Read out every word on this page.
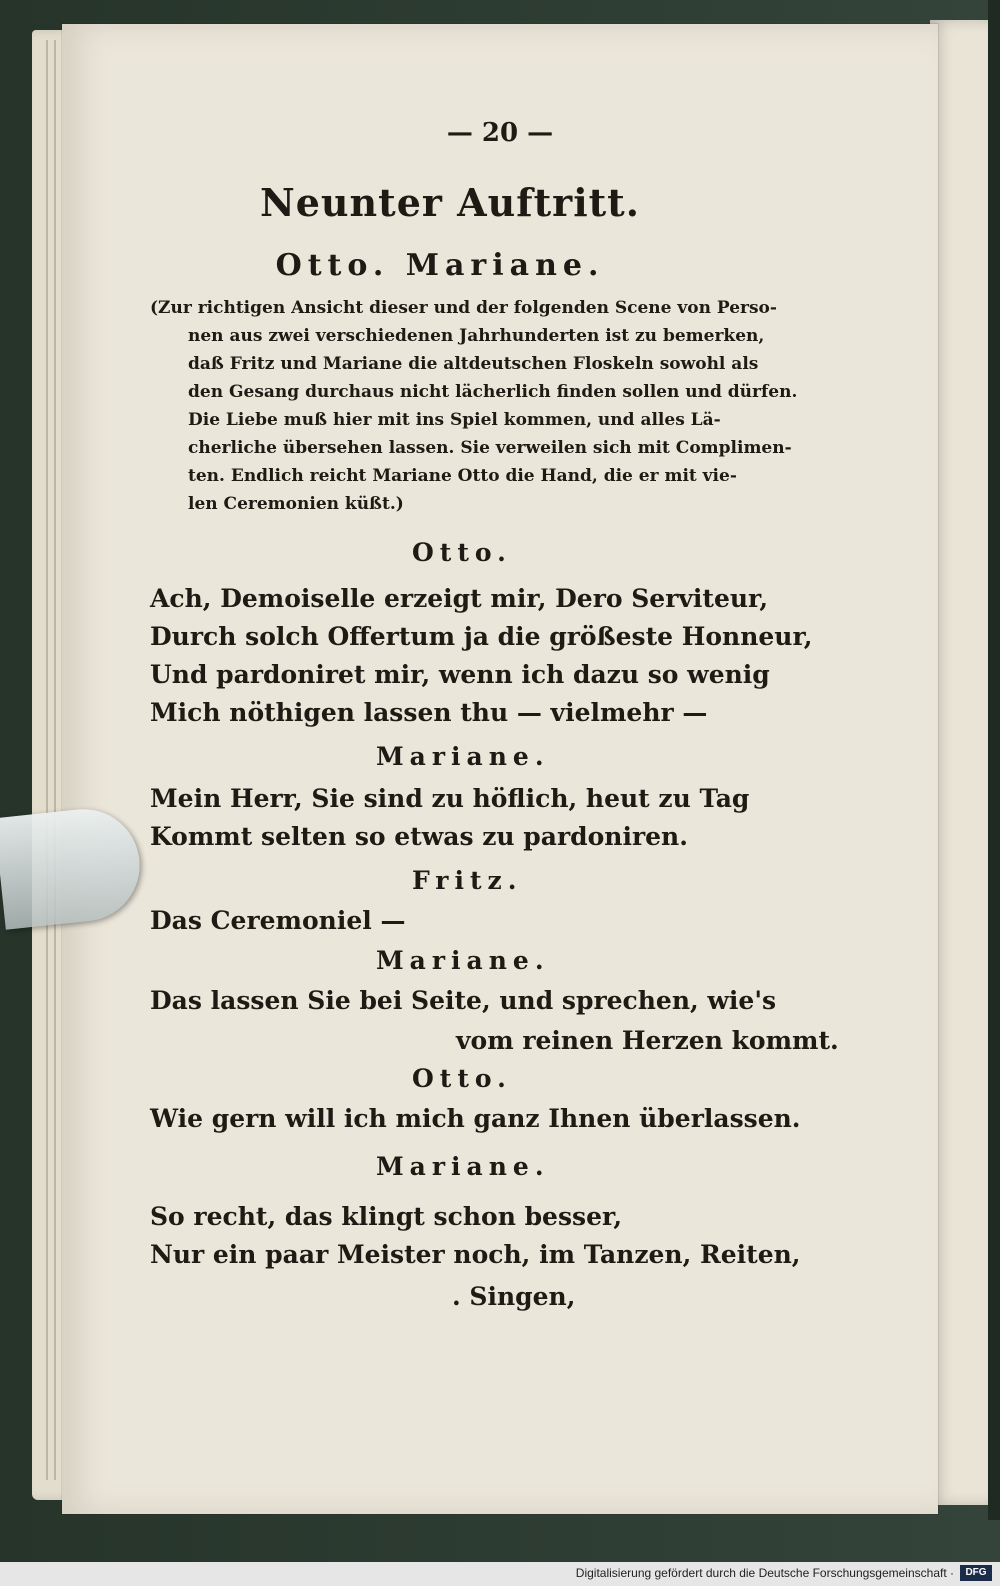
— 20 —
Neunter Auftritt.
Otto. Mariane.
(Zur richtigen Ansicht dieser und der folgenden Scene von Perso-
nen aus zwei verschiedenen Jahrhunderten ist zu bemerken,
daß Fritz und Mariane die altdeutschen Floskeln sowohl als
den Gesang durchaus nicht lächerlich finden sollen und dürfen.
Die Liebe muß hier mit ins Spiel kommen, und alles Lä-
cherliche übersehen lassen. Sie verweilen sich mit Complimen-
ten. Endlich reicht Mariane Otto die Hand, die er mit vie-
len Ceremonien küßt.)
Otto.
Ach, Demoiselle erzeigt mir, Dero Serviteur,
Durch solch Offertum ja die größeste Honneur,
Und pardoniret mir, wenn ich dazu so wenig
Mich nöthigen lassen thu — vielmehr —
Mariane.
Mein Herr, Sie sind zu höflich, heut zu Tag
Kommt selten so etwas zu pardoniren.
Fritz.
Das Ceremoniel —
Mariane.
Das lassen Sie bei Seite, und sprechen, wie's
vom reinen Herzen kommt.
Otto.
Wie gern will ich mich ganz Ihnen überlassen.
Mariane.
So recht, das klingt schon besser,
Nur ein paar Meister noch, im Tanzen, Reiten,
. Singen,
Digitalisierung gefördert durch die Deutsche Forschungsgemeinschaft ·	DFG
